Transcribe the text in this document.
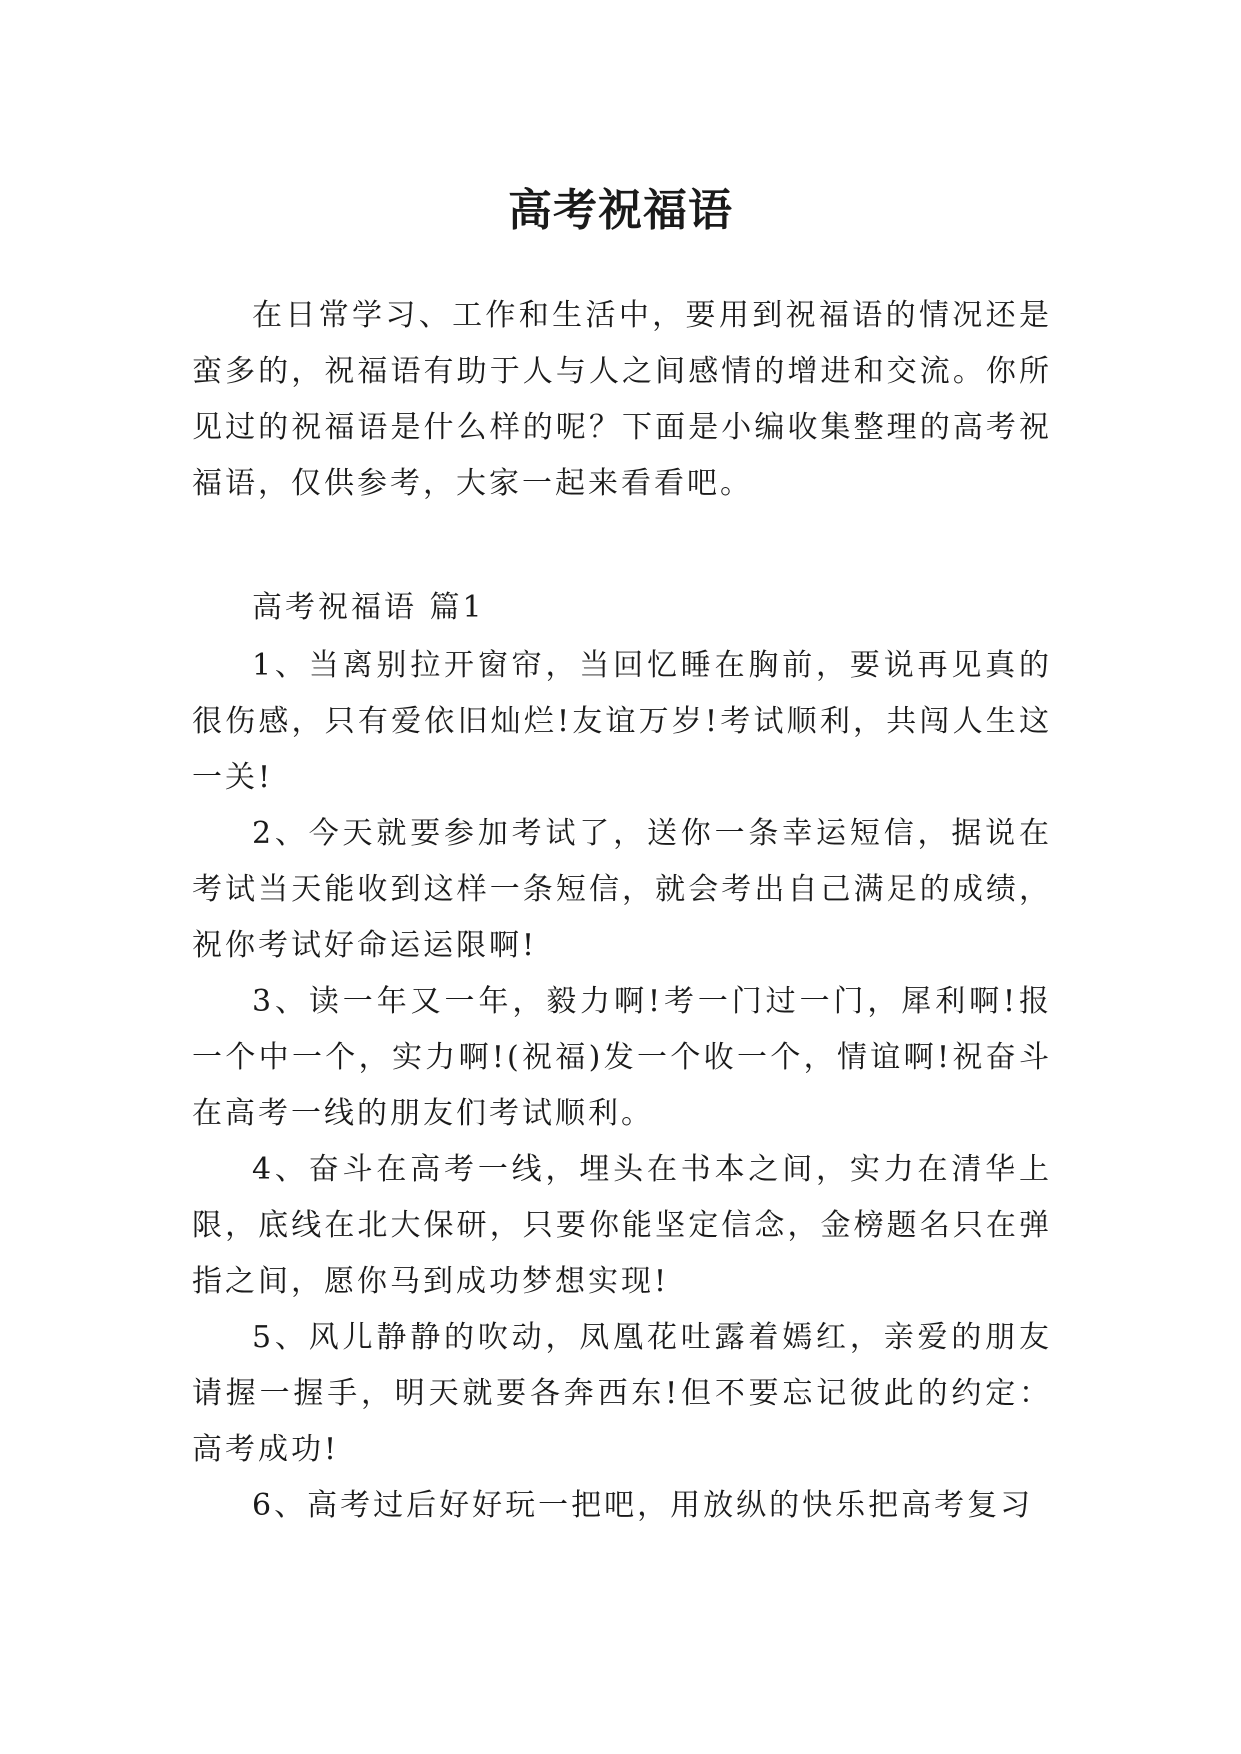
高考祝福语

在日常学习、工作和生活中，要用到祝福语的情况还是蛮多的，祝福语有助于人与人之间感情的增进和交流。你所见过的祝福语是什么样的呢？下面是小编收集整理的高考祝福语，仅供参考，大家一起来看看吧。

高考祝福语 篇1

1、当离别拉开窗帘，当回忆睡在胸前，要说再见真的很伤感，只有爱依旧灿烂!友谊万岁!考试顺利，共闯人生这一关!

2、今天就要参加考试了，送你一条幸运短信，据说在考试当天能收到这样一条短信，就会考出自己满足的成绩，祝你考试好命运运限啊!

3、读一年又一年，毅力啊!考一门过一门，犀利啊!报一个中一个，实力啊!(祝福)发一个收一个，情谊啊!祝奋斗在高考一线的朋友们考试顺利。

4、奋斗在高考一线，埋头在书本之间，实力在清华上限，底线在北大保研，只要你能坚定信念，金榜题名只在弹指之间，愿你马到成功梦想实现!

5、风儿静静的吹动，凤凰花吐露着嫣红，亲爱的朋友请握一握手，明天就要各奔西东!但不要忘记彼此的约定：高考成功!

6、高考过后好好玩一把吧，用放纵的快乐把高考复习
